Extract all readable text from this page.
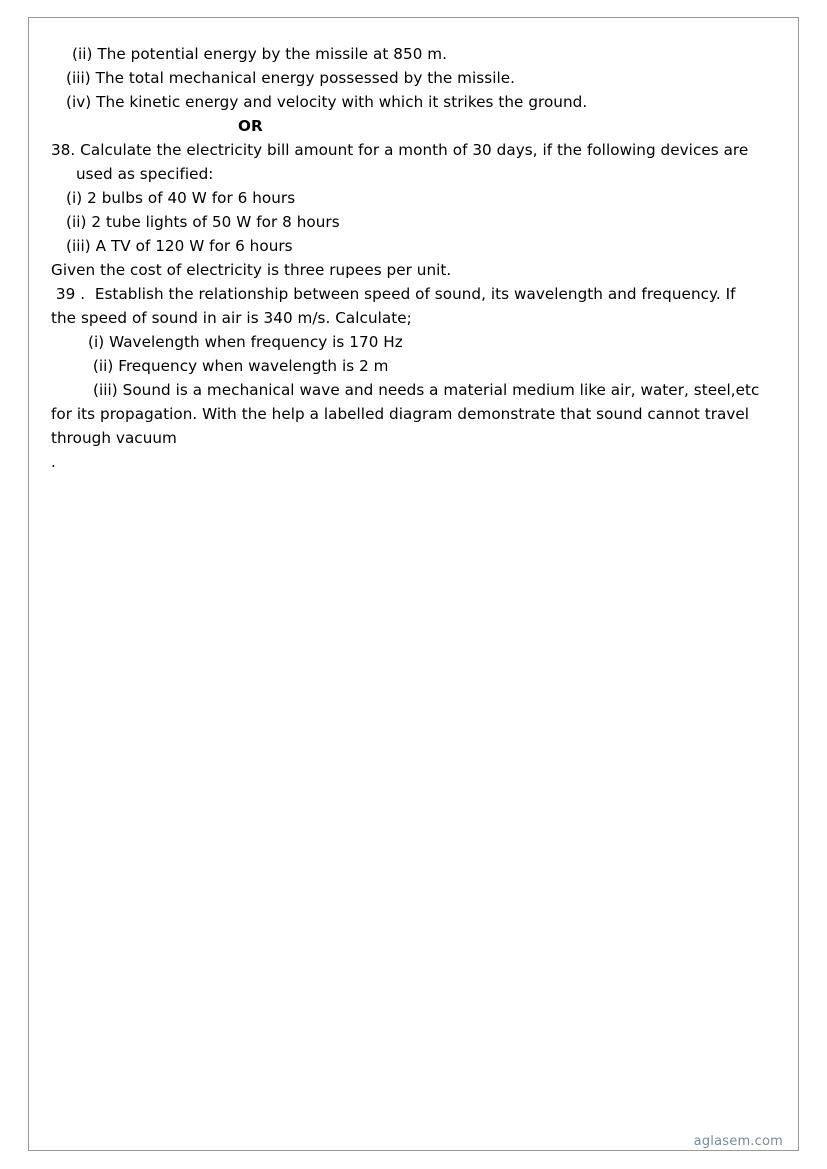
(ii) The potential energy by the missile at 850 m.
(iii) The total mechanical energy possessed by the missile.
(iv) The kinetic energy and velocity with which it strikes the ground.
OR
38. Calculate the electricity bill amount for a month of 30 days, if the following devices are
used as specified:
(i) 2 bulbs of 40 W for 6 hours
(ii) 2 tube lights of 50 W for 8 hours
(iii) A TV of 120 W for 6 hours
Given the cost of electricity is three rupees per unit.
39 .  Establish the relationship between speed of sound, its wavelength and frequency. If
the speed of sound in air is 340 m/s. Calculate;
(i) Wavelength when frequency is 170 Hz
(ii) Frequency when wavelength is 2 m
(iii) Sound is a mechanical wave and needs a material medium like air, water, steel,etc
for its propagation. With the help a labelled diagram demonstrate that sound cannot travel
through vacuum
.
aglasem.com
